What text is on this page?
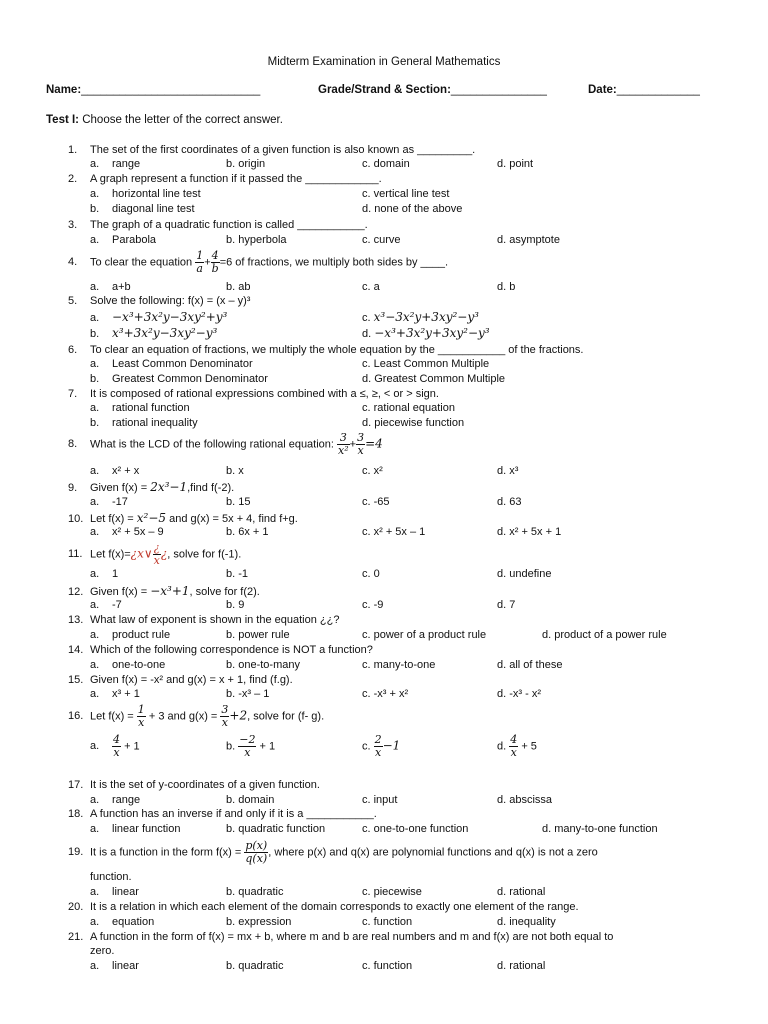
Midterm Examination in General Mathematics
Name:____________________________	Grade/Strand & Section:_______________	Date:_____________
Test I: Choose the letter of the correct answer.
1. The set of the first coordinates of a given function is also known as _________.
a. range	b. origin	c. domain	d. point
2. A graph represent a function if it passed the ____________.
a. horizontal line test	c. vertical line test
b. diagonal line test	d. none of the above
3. The graph of a quadratic function is called ___________.
a. Parabola	b. hyperbola	c. curve	d. asymptote
4. To clear the equation $\frac{1}{a} + \frac{4}{b} =6$ of fractions, we multiply both sides by ____.
a. a+b	b. ab	c. a	d. b
5. Solve the following: f(x) = (x – y)³
a. −x³+3x²y−3xy²+y³	c. x³−3x²y+3xy²−y³
b. x³+3x²y−3xy²−y³	d. −x³+3x²y+3xy²−y³
6. To clear an equation of fractions, we multiply the whole equation by the ___________ of the fractions.
a. Least Common Denominator	c. Least Common Multiple
b. Greatest Common Denominator	d. Greatest Common Multiple
7. It is composed of rational expressions combined with a ≤, ≥, < or > sign.
a. rational function	c. rational equation
b. rational inequality	d. piecewise function
8. What is the LCD of the following rational equation: $\frac{3}{\text{x²}} + \frac{3}{x} =4$
a. x² + x	b. x	c. x²	d. x³
9. Given f(x) = 2x³−1,find f(-2).
a. -17	b. 15	c. -65	d. 63
10. Let f(x) = x²−5 and g(x) = 5x + 4, find f+g.
a. x² + 5x – 9	b. 6x + 1	c. x² + 5x – 1	d. x² + 5x + 1
11. Let f(x)=¿x∨ $\frac{¿}{x}$ ¿, solve for f(-1).
a. 1	b. -1	c. 0	d. undefine
12. Given f(x) = −x³+1, solve for f(2).
a. -7	b. 9	c. -9	d. 7
13. What law of exponent is shown in the equation ¿¿?
a. product rule	b. power rule	c. power of a product rule	d. product of a power rule
14. Which of the following correspondence is NOT a function?
a. one-to-one	b. one-to-many	c. many-to-one	d. all of these
15. Given f(x) = -x² and g(x) = x + 1, find (f.g).
a. x³ + 1	b. -x³ – 1	c. -x³ + x²	d. -x³ - x²
16. Let $f(x) = \frac{1}{x} + 3$ and $g(x) = \frac{3}{x} +2$, solve for (f- g).
a. $\frac{4}{x} + 1$	b. $\frac{-2}{x} + 1$	c. $\frac{2}{x} -1$	d. $\frac{4}{x} + 5$
17. It is the set of y-coordinates of a given function.
a. range	b. domain	c. input	d. abscissa
18. A function has an inverse if and only if it is a ___________.
a. linear function	b. quadratic function	c. one-to-one function	d. many-to-one function
19. It is a function in the form $f(x) = \frac{p(x)}{q(x)}$ , where p(x) and q(x) are polynomial functions and q(x) is not a zero
function.
a. linear	b. quadratic	c. piecewise	d. rational
20. It is a relation in which each element of the domain corresponds to exactly one element of the range.
a. equation	b. expression	c. function	d. inequality
21. A function in the form of f(x) = mx + b, where m and b are real numbers and m and f(x) are not both equal to
zero.
a. linear	b. quadratic	c. function	d. rational
